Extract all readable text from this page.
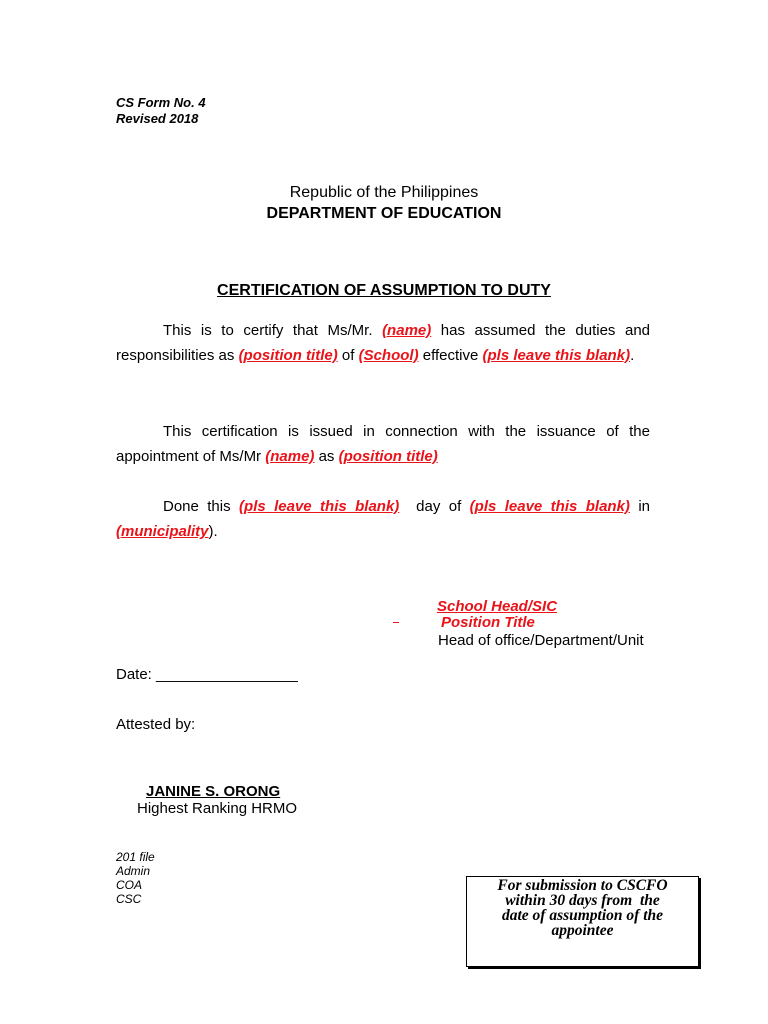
CS Form No. 4
Revised 2018
Republic of the Philippines
DEPARTMENT OF EDUCATION
CERTIFICATION OF ASSUMPTION TO DUTY
This is to certify that Ms/Mr. (name) has assumed the duties and responsibilities as (position title) of (School) effective (pls leave this blank).
This certification is issued in connection with the issuance of the appointment of Ms/Mr (name) as (position title)
Done this (pls leave this blank)  day of (pls leave this blank) in (municipality).
School Head/SIC
Position Title
Head of office/Department/Unit
Date: _________________
Attested by:
JANINE S. ORONG
Highest Ranking HRMO
201 file
Admin
COA
CSC
For submission to CSCFO
within 30 days from  the
date of assumption of the
appointee
